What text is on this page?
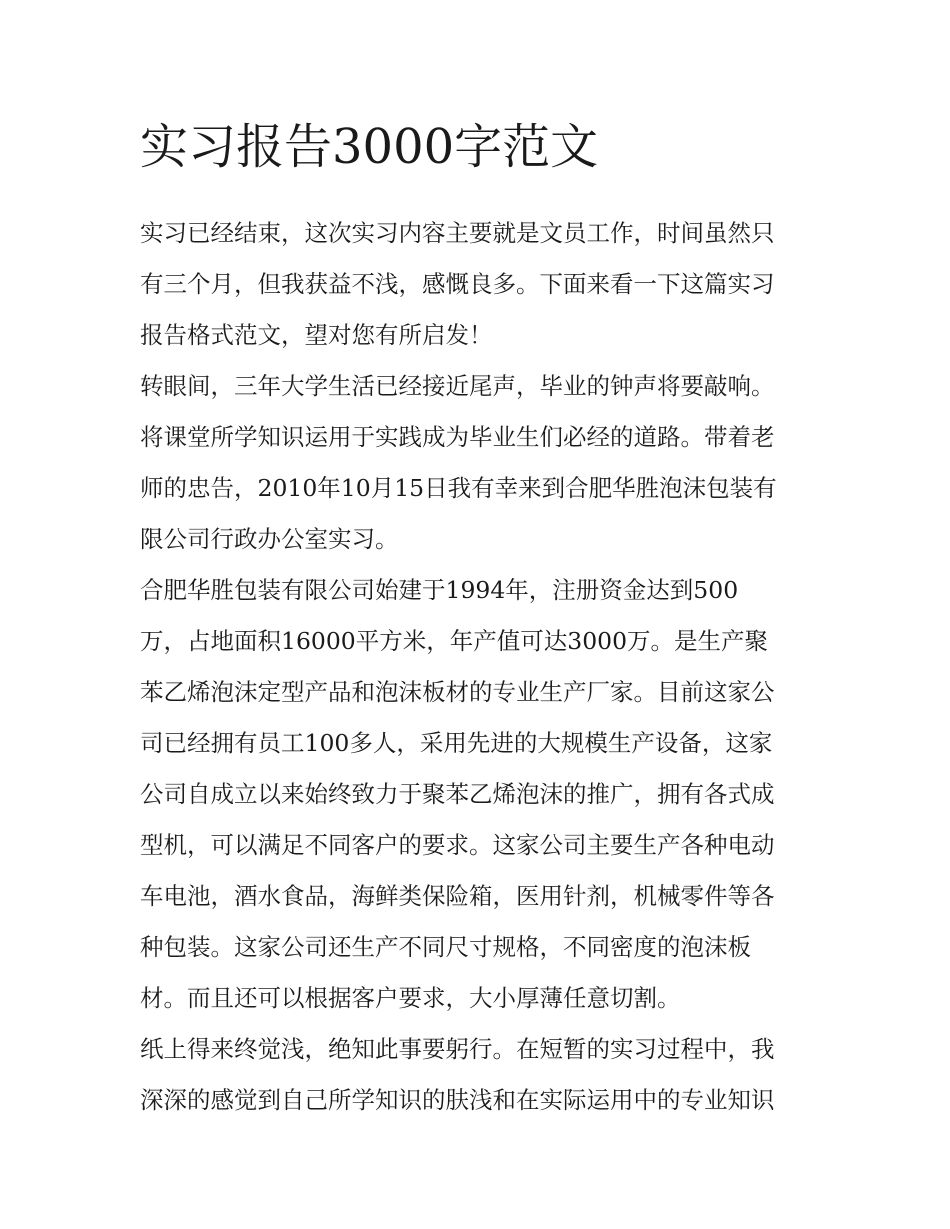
实习报告3000字范文
实习已经结束，这次实习内容主要就是文员工作，时间虽然只
有三个月，但我获益不浅，感慨良多。下面来看一下这篇实习
报告格式范文，望对您有所启发！
转眼间，三年大学生活已经接近尾声，毕业的钟声将要敲响。
将课堂所学知识运用于实践成为毕业生们必经的道路。带着老
师的忠告，2010年10月15日我有幸来到合肥华胜泡沫包装有
限公司行政办公室实习。
合肥华胜包装有限公司始建于1994年，注册资金达到500
万，占地面积16000平方米，年产值可达3000万。是生产聚
苯乙烯泡沫定型产品和泡沫板材的专业生产厂家。目前这家公
司已经拥有员工100多人，采用先进的大规模生产设备，这家
公司自成立以来始终致力于聚苯乙烯泡沫的推广，拥有各式成
型机，可以满足不同客户的要求。这家公司主要生产各种电动
车电池，酒水食品，海鲜类保险箱，医用针剂，机械零件等各
种包装。这家公司还生产不同尺寸规格，不同密度的泡沫板
材。而且还可以根据客户要求，大小厚薄任意切割。
纸上得来终觉浅，绝知此事要躬行。在短暂的实习过程中，我
深深的感觉到自己所学知识的肤浅和在实际运用中的专业知识
